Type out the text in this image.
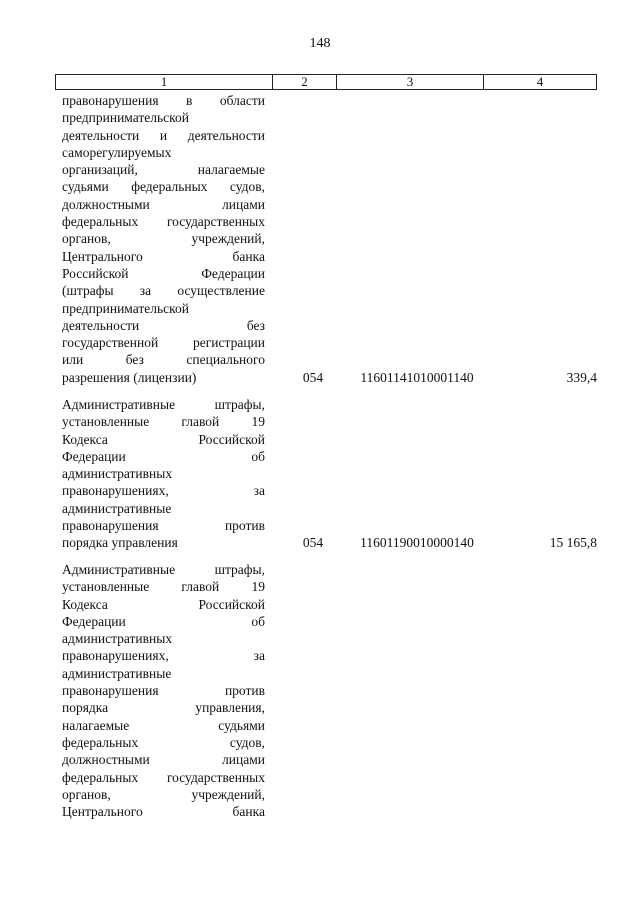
148
1	2	3	4
правонарушения в области
предпринимательской
деятельности и деятельности
саморегулируемых
организаций, налагаемые
судьями федеральных судов,
должностными лицами
федеральных государственных
органов, учреждений,
Центрального банка
Российской Федерации
(штрафы за осуществление
предпринимательской
деятельности без
государственной регистрации
или без специального
разрешения (лицензии)	054	11601141010001140	339,4
Административные штрафы,
установленные главой 19
Кодекса Российской
Федерации об
административных
правонарушениях, за
административные
правонарушения против
порядка управления	054	11601190010000140	15 165,8
Административные штрафы,
установленные главой 19
Кодекса Российской
Федерации об
административных
правонарушениях, за
административные
правонарушения против
порядка управления,
налагаемые судьями
федеральных судов,
должностными лицами
федеральных государственных
органов, учреждений,
Центрального банка
